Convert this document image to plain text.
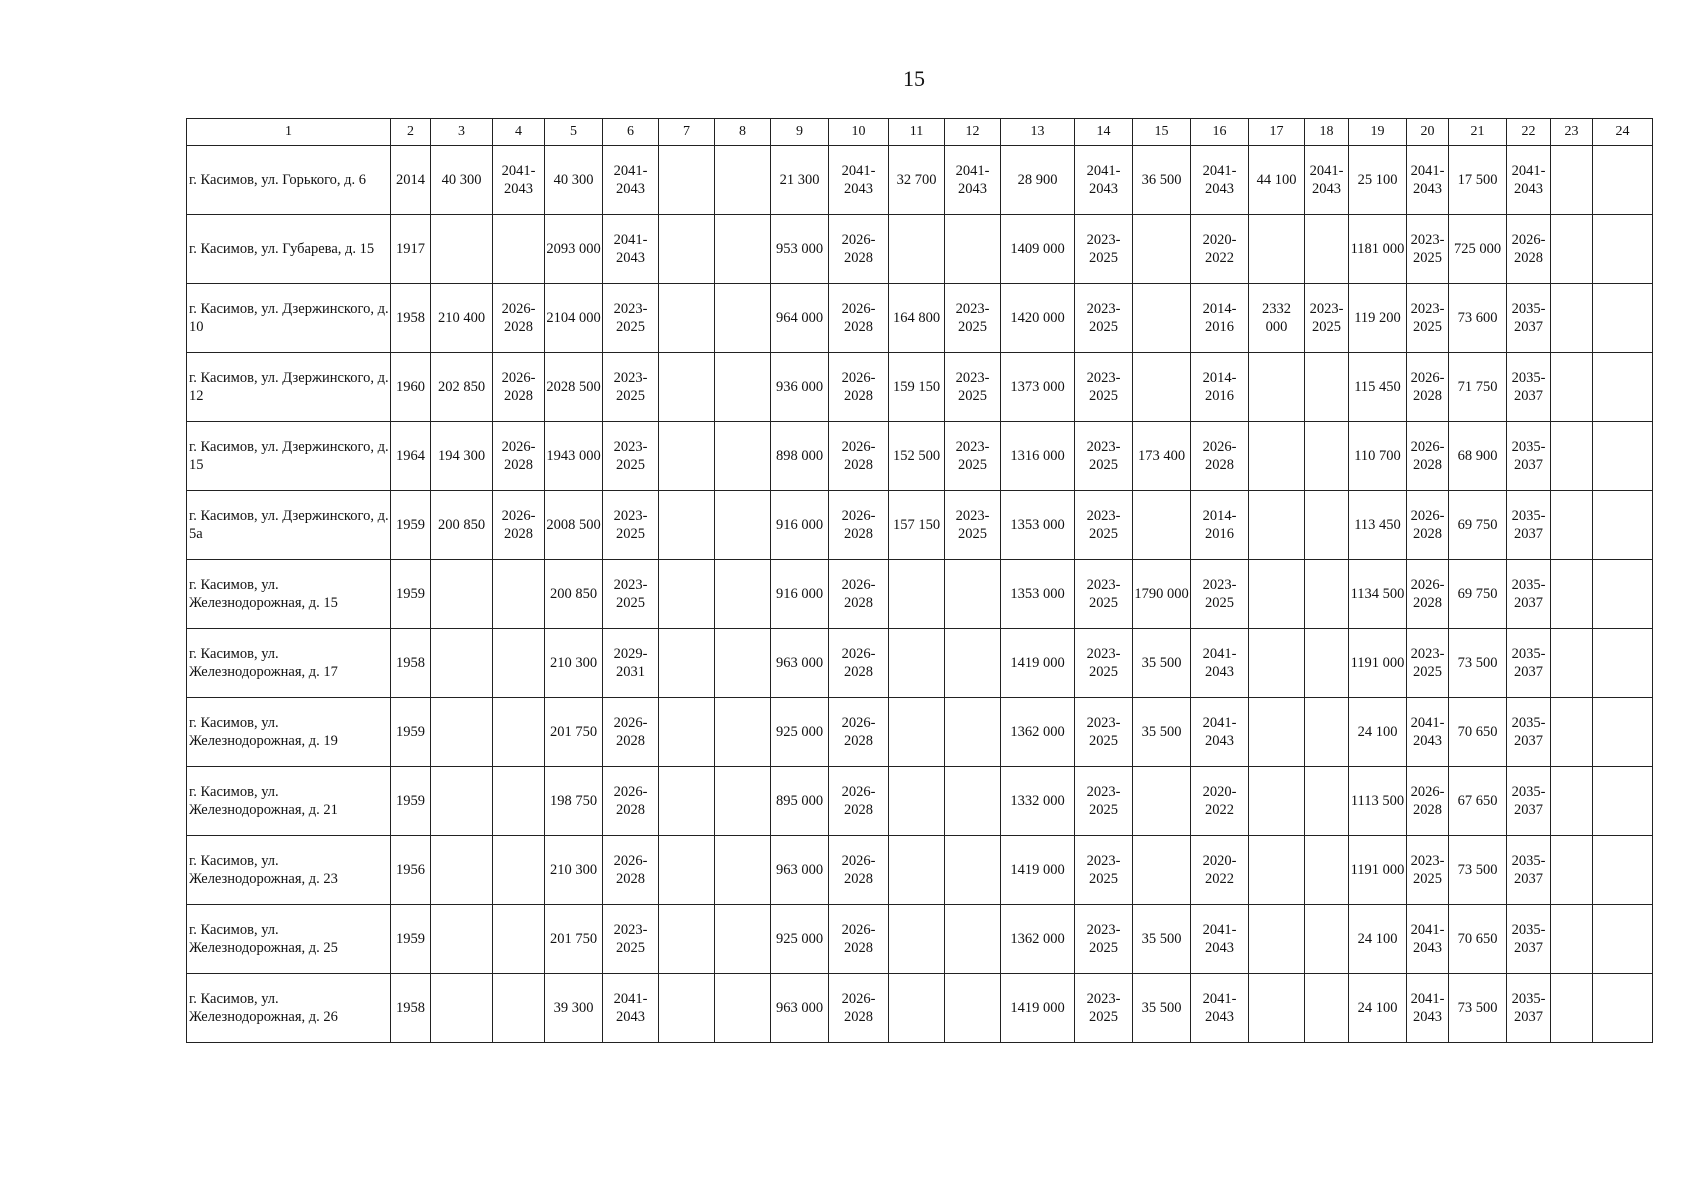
15
1	2	3	4	5	6	7	8	9	10	11	12	13	14	15	16	17	18	19	20	21	22	23	24
г. Касимов, ул. Горького, д. 6	2014	40 300	2041-2043	40 300	2041-2043			21 300	2041-2043	32 700	2041-2043	28 900	2041-2043	36 500	2041-2043	44 100	2041-2043	25 100	2041-2043	17 500	2041-2043		
г. Касимов, ул. Губарева, д. 15	1917			2093 000	2041-2043			953 000	2026-2028			1409 000	2023-2025		2020-2022			1181 000	2023-2025	725 000	2026-2028		
г. Касимов, ул. Дзержинского, д. 10	1958	210 400	2026-2028	2104 000	2023-2025			964 000	2026-2028	164 800	2023-2025	1420 000	2023-2025		2014-2016	2332 000	2023-2025	119 200	2023-2025	73 600	2035-2037		
г. Касимов, ул. Дзержинского, д. 12	1960	202 850	2026-2028	2028 500	2023-2025			936 000	2026-2028	159 150	2023-2025	1373 000	2023-2025		2014-2016			115 450	2026-2028	71 750	2035-2037		
г. Касимов, ул. Дзержинского, д. 15	1964	194 300	2026-2028	1943 000	2023-2025			898 000	2026-2028	152 500	2023-2025	1316 000	2023-2025	173 400	2026-2028			110 700	2026-2028	68 900	2035-2037		
г. Касимов, ул. Дзержинского, д. 5а	1959	200 850	2026-2028	2008 500	2023-2025			916 000	2026-2028	157 150	2023-2025	1353 000	2023-2025		2014-2016			113 450	2026-2028	69 750	2035-2037		
г. Касимов, ул. Железнодорожная, д. 15	1959			200 850	2023-2025			916 000	2026-2028			1353 000	2023-2025	1790 000	2023-2025			1134 500	2026-2028	69 750	2035-2037		
г. Касимов, ул. Железнодорожная, д. 17	1958			210 300	2029-2031			963 000	2026-2028			1419 000	2023-2025	35 500	2041-2043			1191 000	2023-2025	73 500	2035-2037		
г. Касимов, ул. Железнодорожная, д. 19	1959			201 750	2026-2028			925 000	2026-2028			1362 000	2023-2025	35 500	2041-2043			24 100	2041-2043	70 650	2035-2037		
г. Касимов, ул. Железнодорожная, д. 21	1959			198 750	2026-2028			895 000	2026-2028			1332 000	2023-2025		2020-2022			1113 500	2026-2028	67 650	2035-2037		
г. Касимов, ул. Железнодорожная, д. 23	1956			210 300	2026-2028			963 000	2026-2028			1419 000	2023-2025		2020-2022			1191 000	2023-2025	73 500	2035-2037		
г. Касимов, ул. Железнодорожная, д. 25	1959			201 750	2023-2025			925 000	2026-2028			1362 000	2023-2025	35 500	2041-2043			24 100	2041-2043	70 650	2035-2037		
г. Касимов, ул. Железнодорожная, д. 26	1958			39 300	2041-2043			963 000	2026-2028			1419 000	2023-2025	35 500	2041-2043			24 100	2041-2043	73 500	2035-2037		
